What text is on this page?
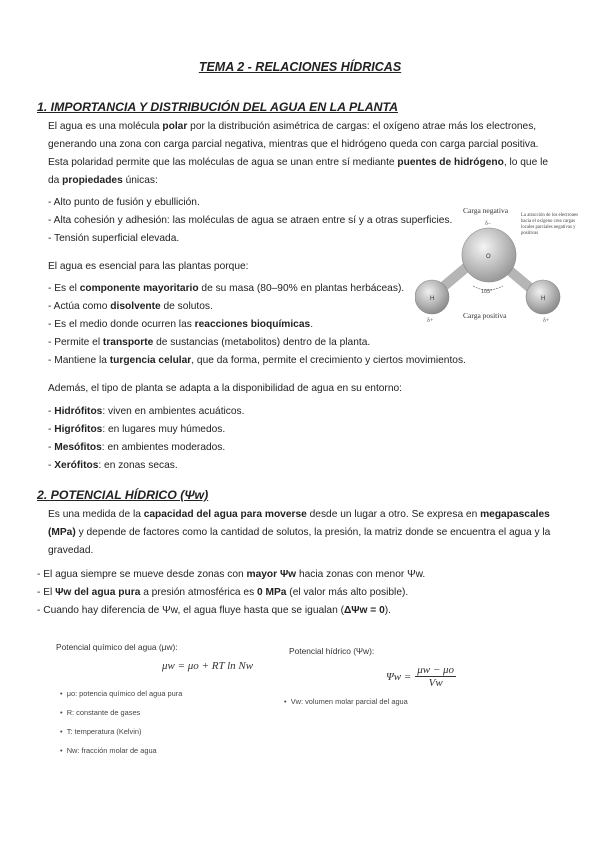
TEMA 2 - RELACIONES HÍDRICAS
1. IMPORTANCIA Y DISTRIBUCIÓN DEL AGUA EN LA PLANTA
El agua es una molécula polar por la distribución asimétrica de cargas: el oxígeno atrae más los electrones,
generando una zona con carga parcial negativa, mientras que el hidrógeno queda con carga parcial positiva.
Esta polaridad permite que las moléculas de agua se unan entre sí mediante puentes de hidrógeno, lo que le
da propiedades únicas:
- Alto punto de fusión y ebullición.
- Alta cohesión y adhesión: las moléculas de agua se atraen entre sí y a otras superficies.
- Tensión superficial elevada.
El agua es esencial para las plantas porque:
- Es el componente mayoritario de su masa (80–90% en plantas herbáceas).
- Actúa como disolvente de solutos.
- Es el medio donde ocurren las reacciones bioquímicas.
- Permite el transporte de sustancias (metabolitos) dentro de la planta.
- Mantiene la turgencia celular, que da forma, permite el crecimiento y ciertos movimientos.
Además, el tipo de planta se adapta a la disponibilidad de agua en su entorno:
- Hidrófitos: viven en ambientes acuáticos.
- Higrófitos: en lugares muy húmedos.
- Mesófitos: en ambientes moderados.
- Xerófitos: en zonas secas.
Carga negativa
δ−
O
H	H
105°
Carga positiva
δ+	δ+
La atracción de los electrones hacia el oxígeno crea cargas locales parciales negativas y positivas
2. POTENCIAL HÍDRICO (Ψw)
Es una medida de la capacidad del agua para moverse desde un lugar a otro. Se expresa en megapascales
(MPa) y depende de factores como la cantidad de solutos, la presión, la matriz donde se encuentra el agua y la
gravedad.
- El agua siempre se mueve desde zonas con mayor Ψw hacia zonas con menor Ψw.
- El Ψw del agua pura a presión atmosférica es 0 MPa (el valor más alto posible).
- Cuando hay diferencia de Ψw, el agua fluye hasta que se igualan (ΔΨw = 0).
Potencial químico del agua (μw):
μw = μo + RT ln Nw
•  μo: potencia químico del agua pura
•  R: constante de gases
•  T: temperatura (Kelvin)
•  Nw: fracción molar de agua
Potencial hídrico (Ψw):
$\Psi w = \frac{\mu w - \mu o}{Vw}$
•  Vw: volumen molar parcial del agua
